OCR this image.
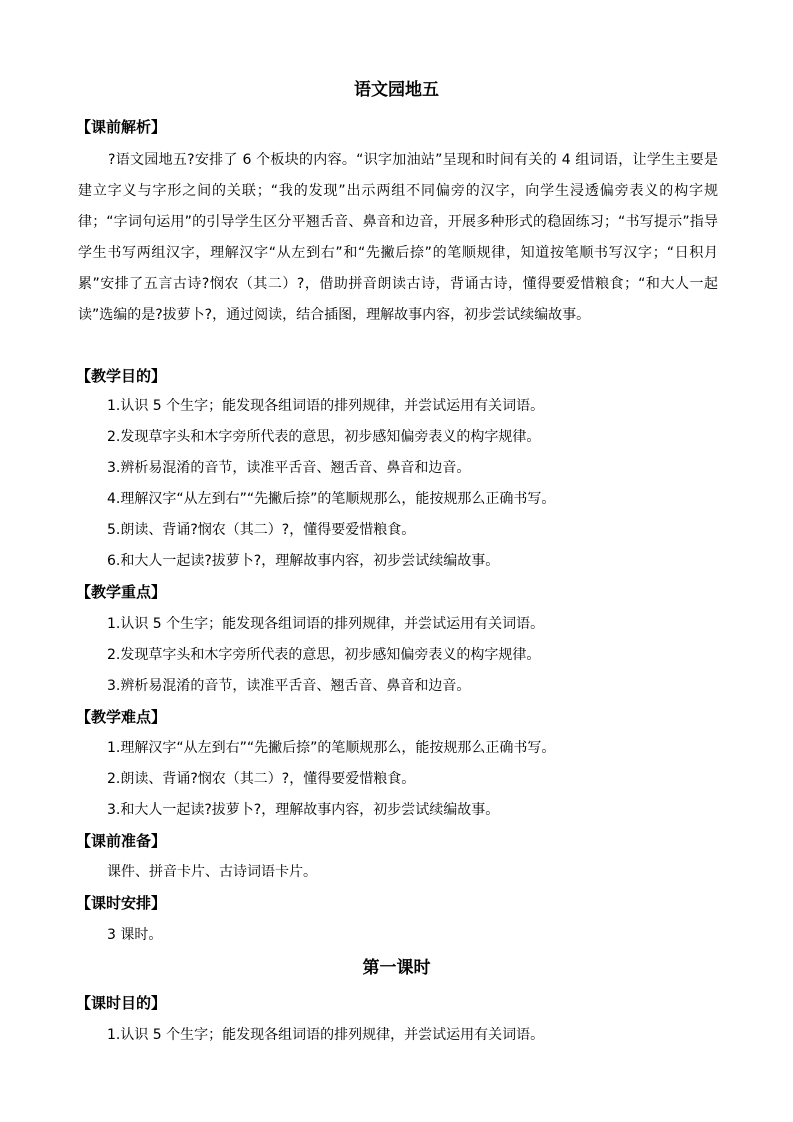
语文园地五
【课前解析】
?语文园地五?安排了 6 个板块的内容。“识字加油站”呈现和时间有关的 4 组词语，让学生主要是建立字义与字形之间的关联；“我的发现”出示两组不同偏旁的汉字，向学生浸透偏旁表义的构字规律；“字词句运用”的引导学生区分平翘舌音、鼻音和边音，开展多种形式的稳固练习；“书写提示”指导学生书写两组汉字，理解汉字“从左到右”和“先撇后捺”的笔顺规律，知道按笔顺书写汉字；“日积月累”安排了五言古诗?悯农（其二）?，借助拼音朗读古诗，背诵古诗，懂得要爱惜粮食；“和大人一起读”选编的是?拔萝卜?，通过阅读，结合插图，理解故事内容，初步尝试续编故事。
【教学目的】
1.认识 5 个生字；能发现各组词语的排列规律，并尝试运用有关词语。
2.发现草字头和木字旁所代表的意思，初步感知偏旁表义的构字规律。
3.辨析易混淆的音节，读准平舌音、翘舌音、鼻音和边音。
4.理解汉字“从左到右”“先撇后捺”的笔顺规那么，能按规那么正确书写。
5.朗读、背诵?悯农（其二）?，懂得要爱惜粮食。
6.和大人一起读?拔萝卜?，理解故事内容，初步尝试续编故事。
【教学重点】
1.认识 5 个生字；能发现各组词语的排列规律，并尝试运用有关词语。
2.发现草字头和木字旁所代表的意思，初步感知偏旁表义的构字规律。
3.辨析易混淆的音节，读准平舌音、翘舌音、鼻音和边音。
【教学难点】
1.理解汉字“从左到右”“先撇后捺”的笔顺规那么，能按规那么正确书写。
2.朗读、背诵?悯农（其二）?，懂得要爱惜粮食。
3.和大人一起读?拔萝卜?，理解故事内容，初步尝试续编故事。
【课前准备】
课件、拼音卡片、古诗词语卡片。
【课时安排】
3 课时。
第一课时
【课时目的】
1.认识 5 个生字；能发现各组词语的排列规律，并尝试运用有关词语。
